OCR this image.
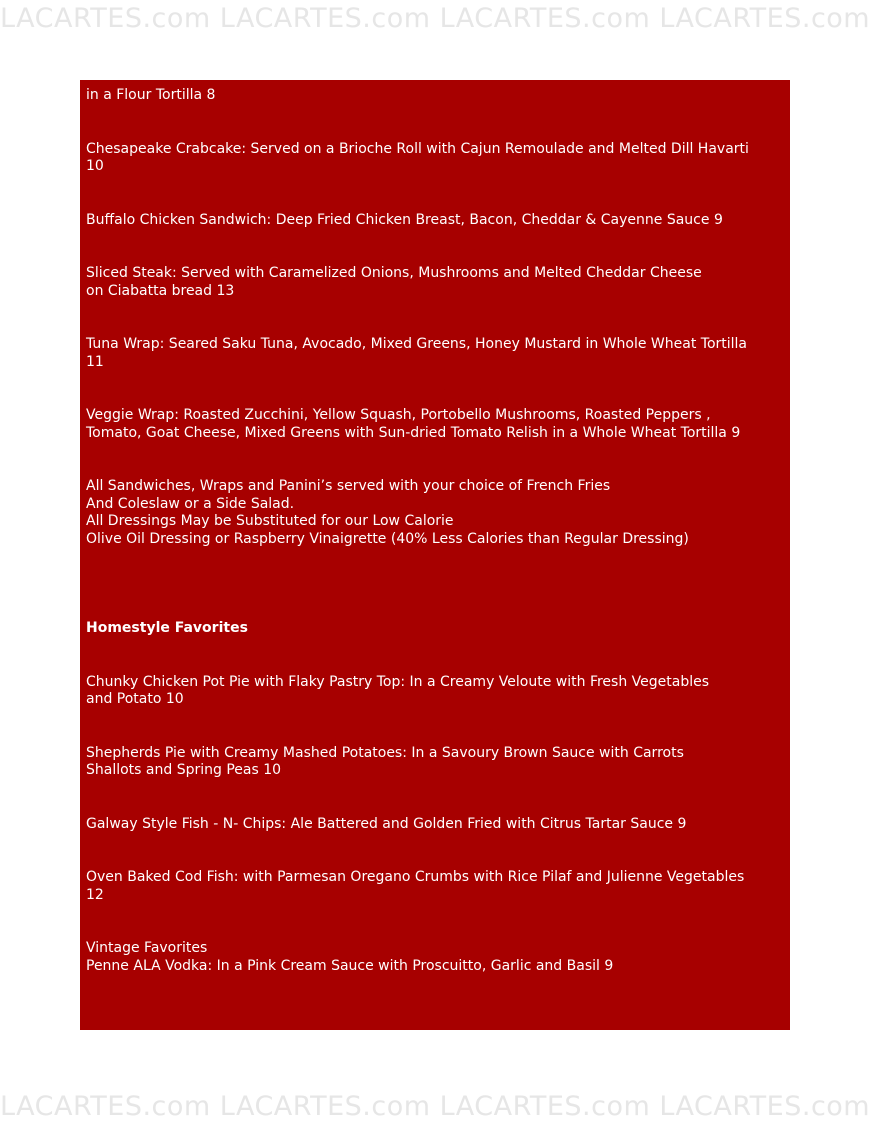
LACARTES.com LACARTES.com LACARTES.com LACARTES.com
in a Flour Tortilla 8
Chesapeake Crabcake: Served on a Brioche Roll with Cajun Remoulade and Melted Dill Havarti
10
Buffalo Chicken Sandwich: Deep Fried Chicken Breast, Bacon, Cheddar & Cayenne Sauce 9
Sliced Steak: Served with Caramelized Onions, Mushrooms and Melted Cheddar Cheese
on Ciabatta bread 13
Tuna Wrap: Seared Saku Tuna, Avocado, Mixed Greens, Honey Mustard in Whole Wheat Tortilla
11
Veggie Wrap: Roasted Zucchini, Yellow Squash, Portobello Mushrooms, Roasted Peppers ,
Tomato, Goat Cheese, Mixed Greens with Sun-dried Tomato Relish in a Whole Wheat Tortilla 9
All Sandwiches, Wraps and Panini’s served with your choice of French Fries
And Coleslaw or a Side Salad.
All Dressings May be Substituted for our Low Calorie
Olive Oil Dressing or Raspberry Vinaigrette (40% Less Calories than Regular Dressing)
Homestyle Favorites
Chunky Chicken Pot Pie with Flaky Pastry Top: In a Creamy Veloute with Fresh Vegetables
and Potato 10
Shepherds Pie with Creamy Mashed Potatoes: In a Savoury Brown Sauce with Carrots
Shallots and Spring Peas 10
Galway Style Fish - N- Chips: Ale Battered and Golden Fried with Citrus Tartar Sauce 9
Oven Baked Cod Fish: with Parmesan Oregano Crumbs with Rice Pilaf and Julienne Vegetables
12
Vintage Favorites
Penne ALA Vodka: In a Pink Cream Sauce with Proscuitto, Garlic and Basil 9
LACARTES.com LACARTES.com LACARTES.com LACARTES.com
